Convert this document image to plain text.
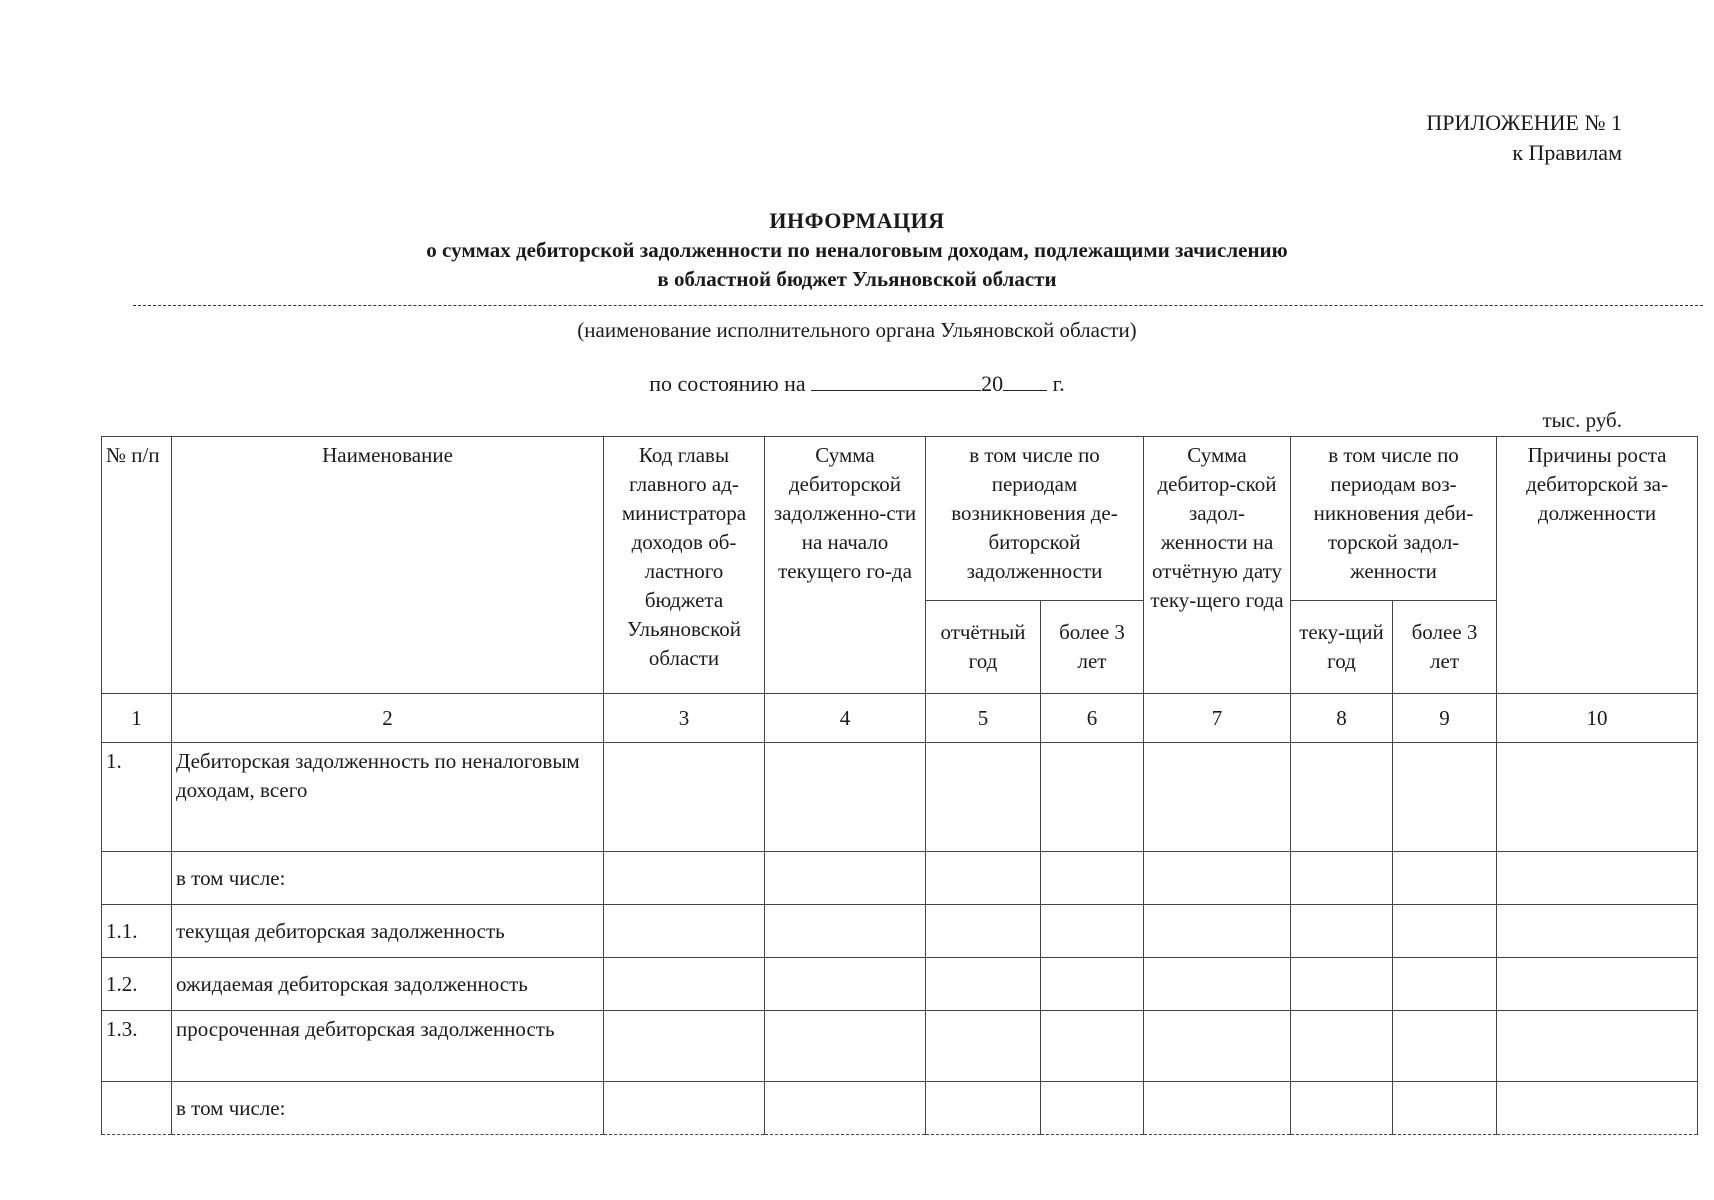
ПРИЛОЖЕНИЕ № 1
к Правилам
ИНФОРМАЦИЯ
о суммах дебиторской задолженности по неналоговым доходам, подлежащими зачислению
в областной бюджет Ульяновской области
(наименование исполнительного органа Ульяновской области)
по состоянию на	20 г.
тыс. руб.
№ п/п	Наименование	Код главы главного ад-министратора доходов об-ластного бюджета Ульяновской области	Сумма дебиторской задолженно-сти на начало текущего го-да	в том числе по периодам возникновения де-биторской задолженности		Сумма дебитор-ской задол-женности на отчётную дату теку-щего года	в том числе по периодам воз-никновения деби-торской задол-женности		Причины роста дебиторской за-долженности
				отчётный год	более 3 лет		теку-щий год	более 3 лет	
1	2	3	4	5	6	7	8	9	10
1.	Дебиторская задолженность по неналоговым доходам, всего								
	в том числе:								
1.1.	текущая дебиторская задолженность								
1.2.	ожидаемая дебиторская задолженность								
1.3.	просроченная дебиторская задолженность								
	в том числе:								
